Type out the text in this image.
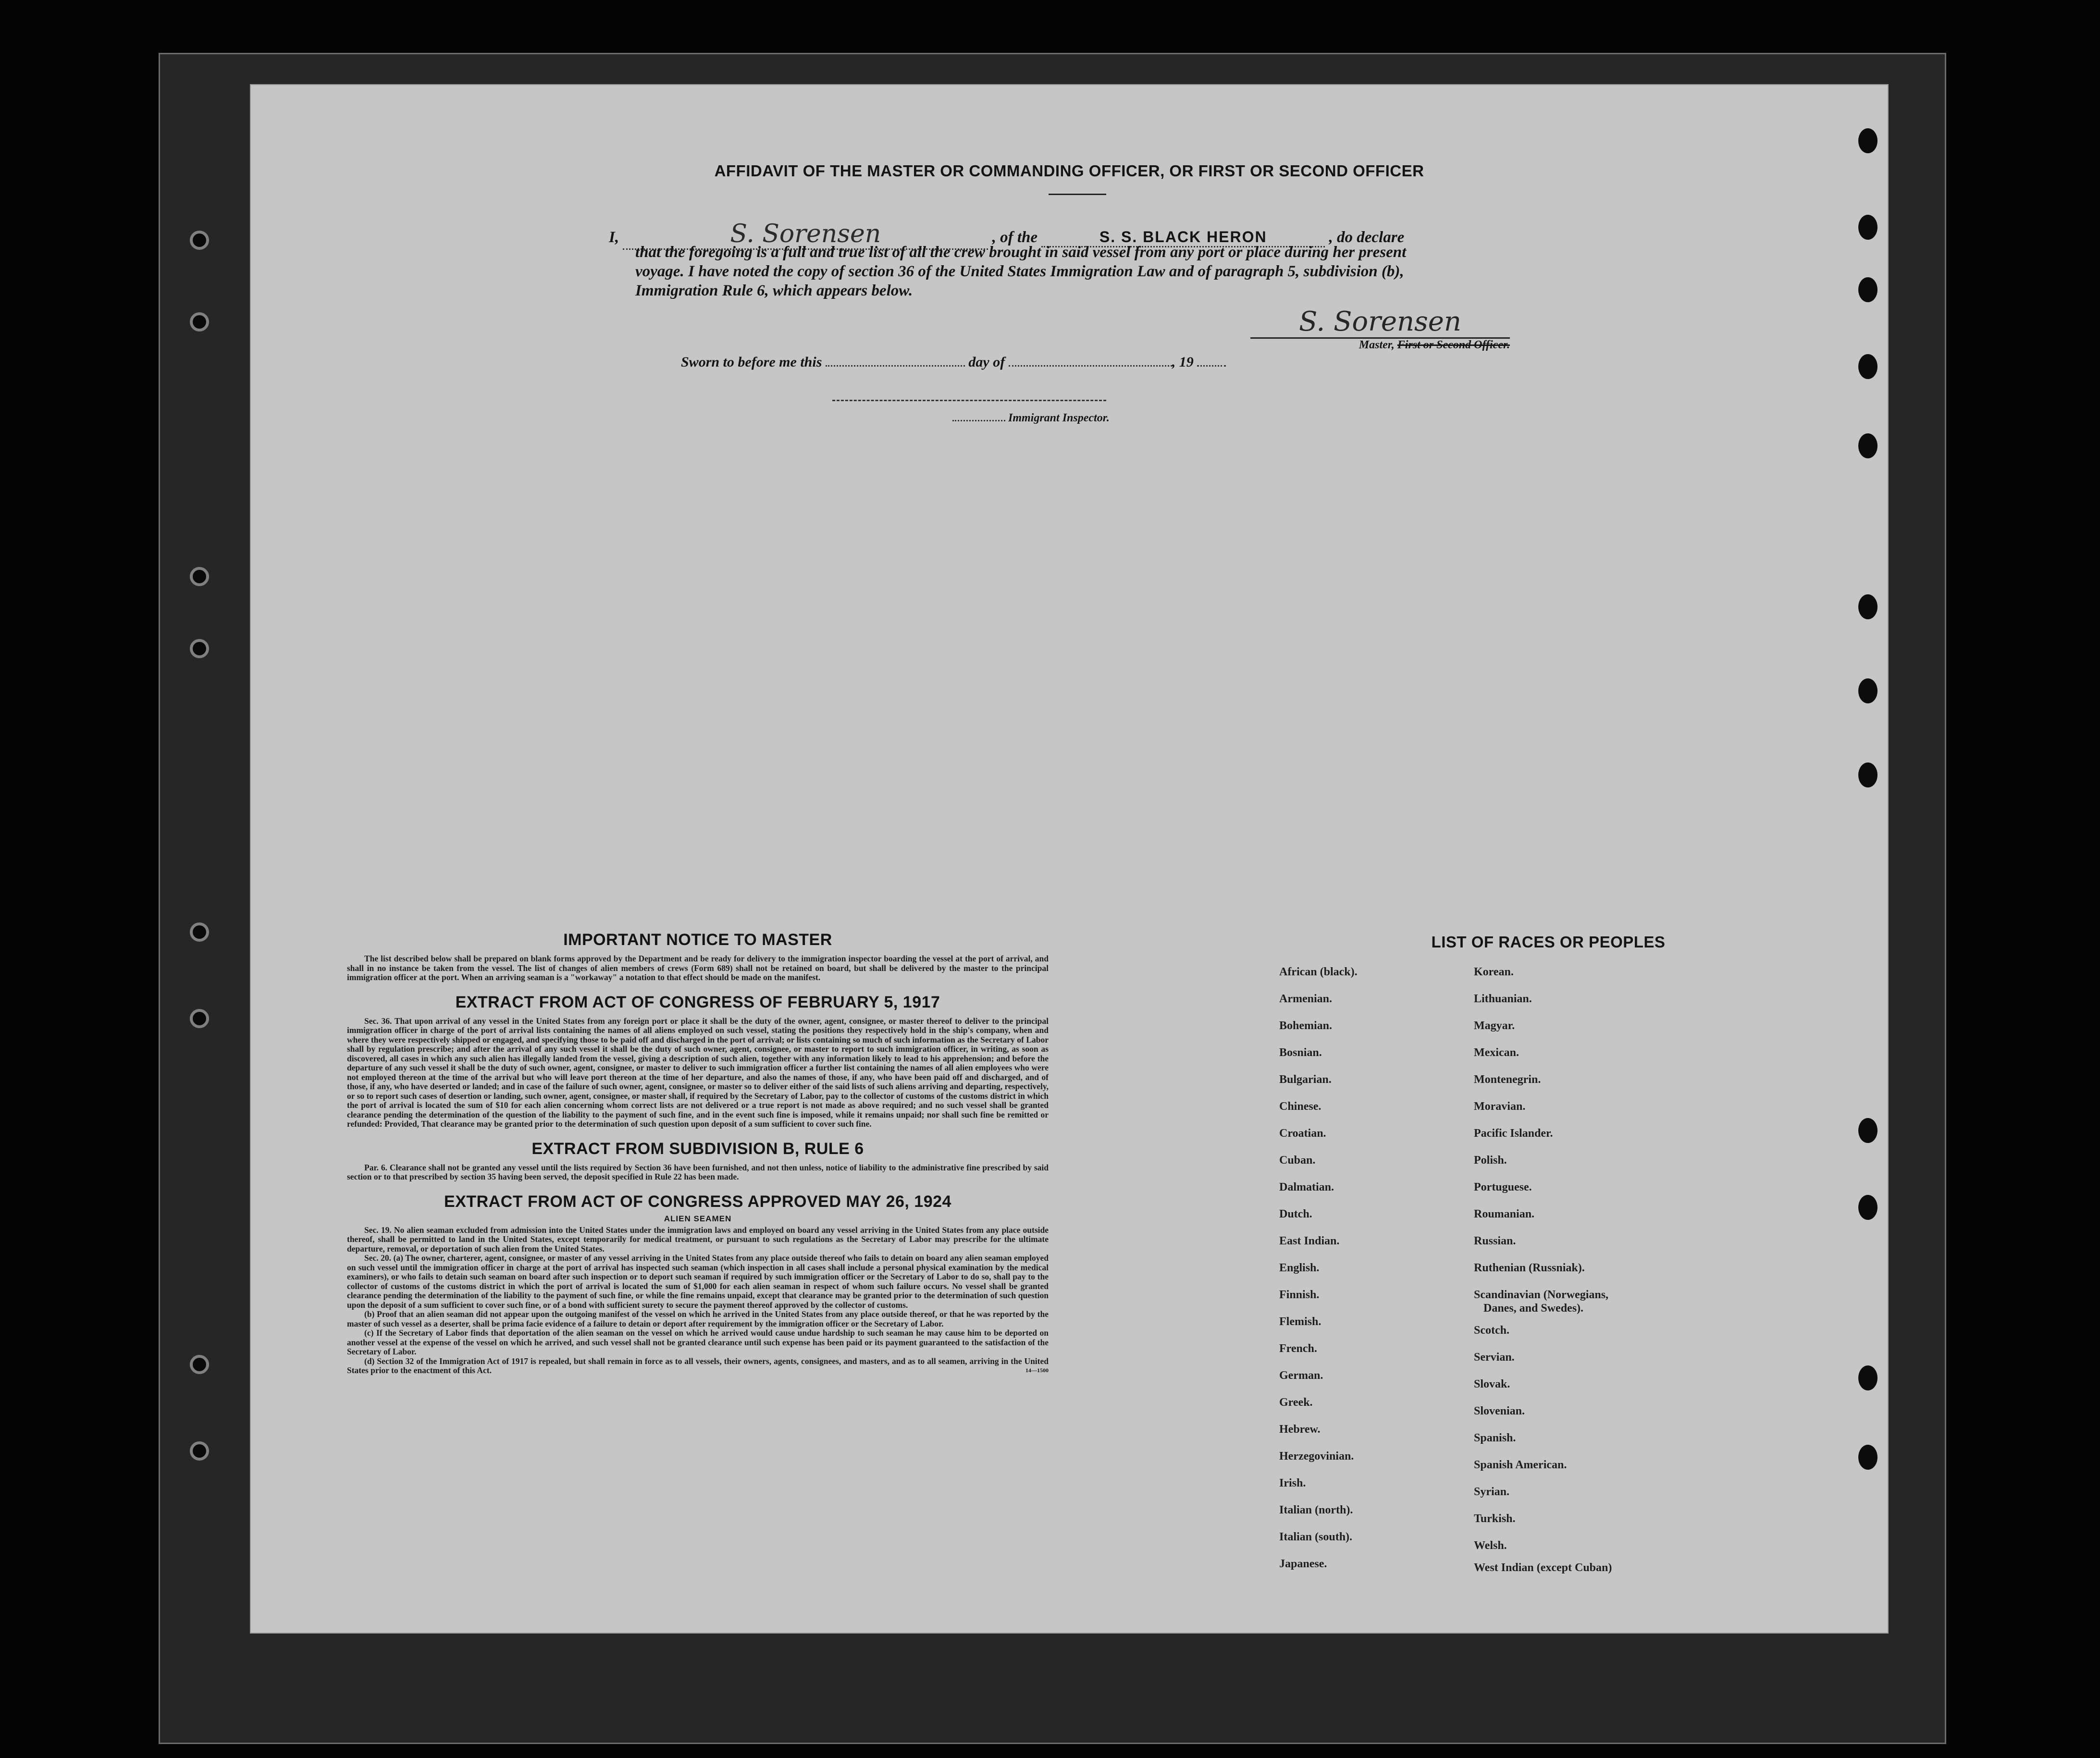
AFFIDAVIT OF THE MASTER OR COMMANDING OFFICER, OR FIRST OR SECOND OFFICER
I,	S. Sorensen	, of the	S. S. BLACK HERON	, do declare
that the foregoing is a full and true list of all the crew brought in said vessel from any port or place during her present
voyage. I have noted the copy of section 36 of the United States Immigration Law and of paragraph 5, subdivision (b),
Immigration Rule 6, which appears below.
S. Sorensen
Master, First or Second Officer.
Sworn to before me this	day of	, 19
Immigrant Inspector.

IMPORTANT NOTICE TO MASTER

The list described below shall be prepared on blank forms approved by the Department and be ready for delivery to the immigration inspector boarding the vessel at the port of arrival, and shall in no instance be taken from the vessel. The list of changes of alien members of crews (Form 689) shall not be retained on board, but shall be delivered by the master to the principal immigration officer at the port. When an arriving seaman is a "workaway" a notation to that effect should be made on the manifest.

EXTRACT FROM ACT OF CONGRESS OF FEBRUARY 5, 1917

Sec. 36. That upon arrival of any vessel in the United States from any foreign port or place it shall be the duty of the owner, agent, consignee, or master thereof to deliver to the principal immigration officer in charge of the port of arrival lists containing the names of all aliens employed on such vessel, stating the positions they respectively hold in the ship's company, when and where they were respectively shipped or engaged, and specifying those to be paid off and discharged in the port of arrival; or lists containing so much of such information as the Secretary of Labor shall by regulation prescribe; and after the arrival of any such vessel it shall be the duty of such owner, agent, consignee, or master to report to such immigration officer, in writing, as soon as discovered, all cases in which any such alien has illegally landed from the vessel, giving a description of such alien, together with any information likely to lead to his apprehension; and before the departure of any such vessel it shall be the duty of such owner, agent, consignee, or master to deliver to such immigration officer a further list containing the names of all alien employees who were not employed thereon at the time of the arrival but who will leave port thereon at the time of her departure, and also the names of those, if any, who have been paid off and discharged, and of those, if any, who have deserted or landed; and in case of the failure of such owner, agent, consignee, or master so to deliver either of the said lists of such aliens arriving and departing, respectively, or so to report such cases of desertion or landing, such owner, agent, consignee, or master shall, if required by the Secretary of Labor, pay to the collector of customs of the customs district in which the port of arrival is located the sum of $10 for each alien concerning whom correct lists are not delivered or a true report is not made as above required; and no such vessel shall be granted clearance pending the determination of the question of the liability to the payment of such fine, and in the event such fine is imposed, while it remains unpaid; nor shall such fine be remitted or refunded: Provided, That clearance may be granted prior to the determination of such question upon deposit of a sum sufficient to cover such fine.

EXTRACT FROM SUBDIVISION B, RULE 6

Par. 6. Clearance shall not be granted any vessel until the lists required by Section 36 have been furnished, and not then unless, notice of liability to the administrative fine prescribed by said section or to that prescribed by section 35 having been served, the deposit specified in Rule 22 has been made.

EXTRACT FROM ACT OF CONGRESS APPROVED MAY 26, 1924

ALIEN SEAMEN

Sec. 19. No alien seaman excluded from admission into the United States under the immigration laws and employed on board any vessel arriving in the United States from any place outside thereof, shall be permitted to land in the United States, except temporarily for medical treatment, or pursuant to such regulations as the Secretary of Labor may prescribe for the ultimate departure, removal, or deportation of such alien from the United States.

Sec. 20. (a) The owner, charterer, agent, consignee, or master of any vessel arriving in the United States from any place outside thereof who fails to detain on board any alien seaman employed on such vessel until the immigration officer in charge at the port of arrival has inspected such seaman (which inspection in all cases shall include a personal physical examination by the medical examiners), or who fails to detain such seaman on board after such inspection or to deport such seaman if required by such immigration officer or the Secretary of Labor to do so, shall pay to the collector of customs of the customs district in which the port of arrival is located the sum of $1,000 for each alien seaman in respect of whom such failure occurs. No vessel shall be granted clearance pending the determination of the liability to the payment of such fine, or while the fine remains unpaid, except that clearance may be granted prior to the determination of such question upon the deposit of a sum sufficient to cover such fine, or of a bond with sufficient surety to secure the payment thereof approved by the collector of customs.

(b) Proof that an alien seaman did not appear upon the outgoing manifest of the vessel on which he arrived in the United States from any place outside thereof, or that he was reported by the master of such vessel as a deserter, shall be prima facie evidence of a failure to detain or deport after requirement by the immigration officer or the Secretary of Labor.

(c) If the Secretary of Labor finds that deportation of the alien seaman on the vessel on which he arrived would cause undue hardship to such seaman he may cause him to be deported on another vessel at the expense of the vessel on which he arrived, and such vessel shall not be granted clearance until such expense has been paid or its payment guaranteed to the satisfaction of the Secretary of Labor.

(d) Section 32 of the Immigration Act of 1917 is repealed, but shall remain in force as to all vessels, their owners, agents, consignees, and masters, and as to all seamen, arriving in the United States prior to the enactment of this Act.	14—1500

LIST OF RACES OR PEOPLES

African (black).
Armenian.
Bohemian.
Bosnian.
Bulgarian.
Chinese.
Croatian.
Cuban.
Dalmatian.
Dutch.
East Indian.
English.
Finnish.
Flemish.
French.
German.
Greek.
Hebrew.
Herzegovinian.
Irish.
Italian (north).
Italian (south).
Japanese.
Korean.
Lithuanian.
Magyar.
Mexican.
Montenegrin.
Moravian.
Pacific Islander.
Polish.
Portuguese.
Roumanian.
Russian.
Ruthenian (Russniak).
Scandinavian (Norwegians,
Danes, and Swedes).
Scotch.
Servian.
Slovak.
Slovenian.
Spanish.
Spanish American.
Syrian.
Turkish.
Welsh.
West Indian (except Cuban)
